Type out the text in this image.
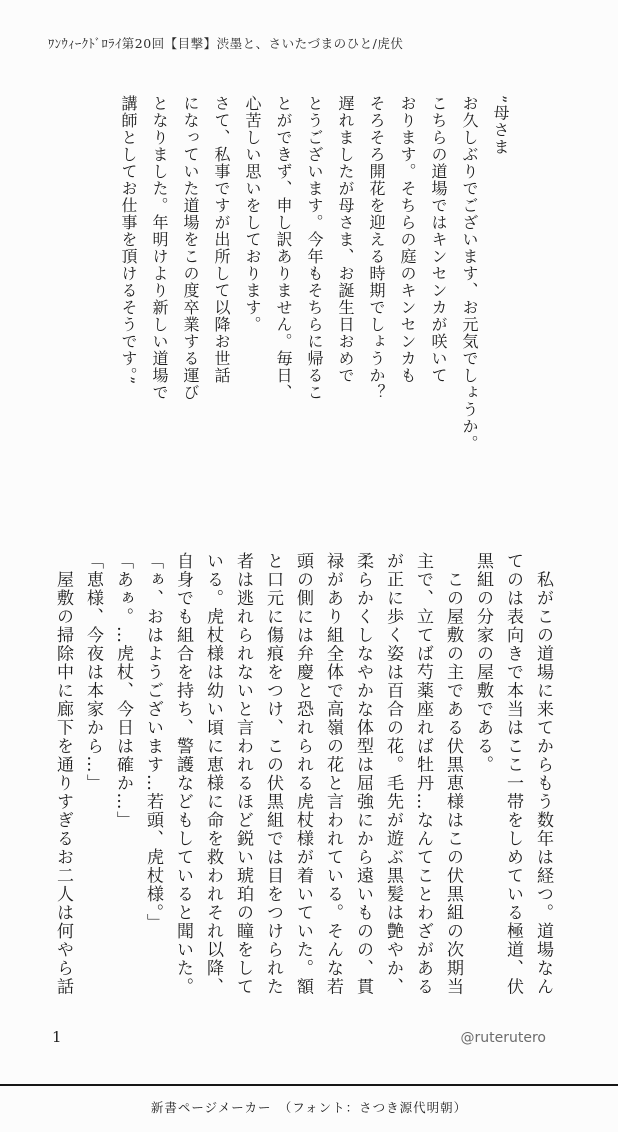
ﾜﾝｳｨｰｸﾄﾞﾛﾗｲ第20回【目撃】渋墨と、さいたづまのひと/虎伏
”母さま
お久しぶりでございます、お元気でしょうか。
こちらの道場ではキンセンカが咲いて
おります。そちらの庭のキンセンカも
そろそろ開花を迎える時期でしょうか？
遅れましたが母さま、お誕生日おめで
とうございます。今年もそちらに帰るこ
とができず、申し訳ありません。毎日、
心苦しい思いをしております。
さて、私事ですが出所して以降お世話
になっていた道場をこの度卒業する運び
となりました。年明けより新しい道場で
講師としてお仕事を頂けるそうです。”
　私がこの道場に来てからもう数年は経つ。道場なん
てのは表向きで本当はここ一帯をしめている極道、伏
黒組の分家の屋敷である。
　この屋敷の主である伏黒恵様はこの伏黒組の次期当
主で、立てば芍薬座れば牡丹…なんてことわざがある
が正に歩く姿は百合の花。毛先が遊ぶ黒髪は艶やか、
柔らかくしなやかな体型は屈強にから遠いものの、貫
禄があり組全体で高嶺の花と言われている。そんな若
頭の側には弁慶と恐れられる虎杖様が着いていた。額
と口元に傷痕をつけ、この伏黒組では目をつけられた
者は逃れられないと言われるほど鋭い琥珀の瞳をして
いる。虎杖様は幼い頃に恵様に命を救われそれ以降、
自身でも組合を持ち、警護などもしていると聞いた。
「ぁ、おはようございます…若頭、虎杖様。」
「あぁ。…虎杖、今日は確か…」
「恵様、今夜は本家から…」
　屋敷の掃除中に廊下を通りすぎるお二人は何やら話
1	@ruterutero
新書ページメーカー　（フォント：さつき源代明朝）
